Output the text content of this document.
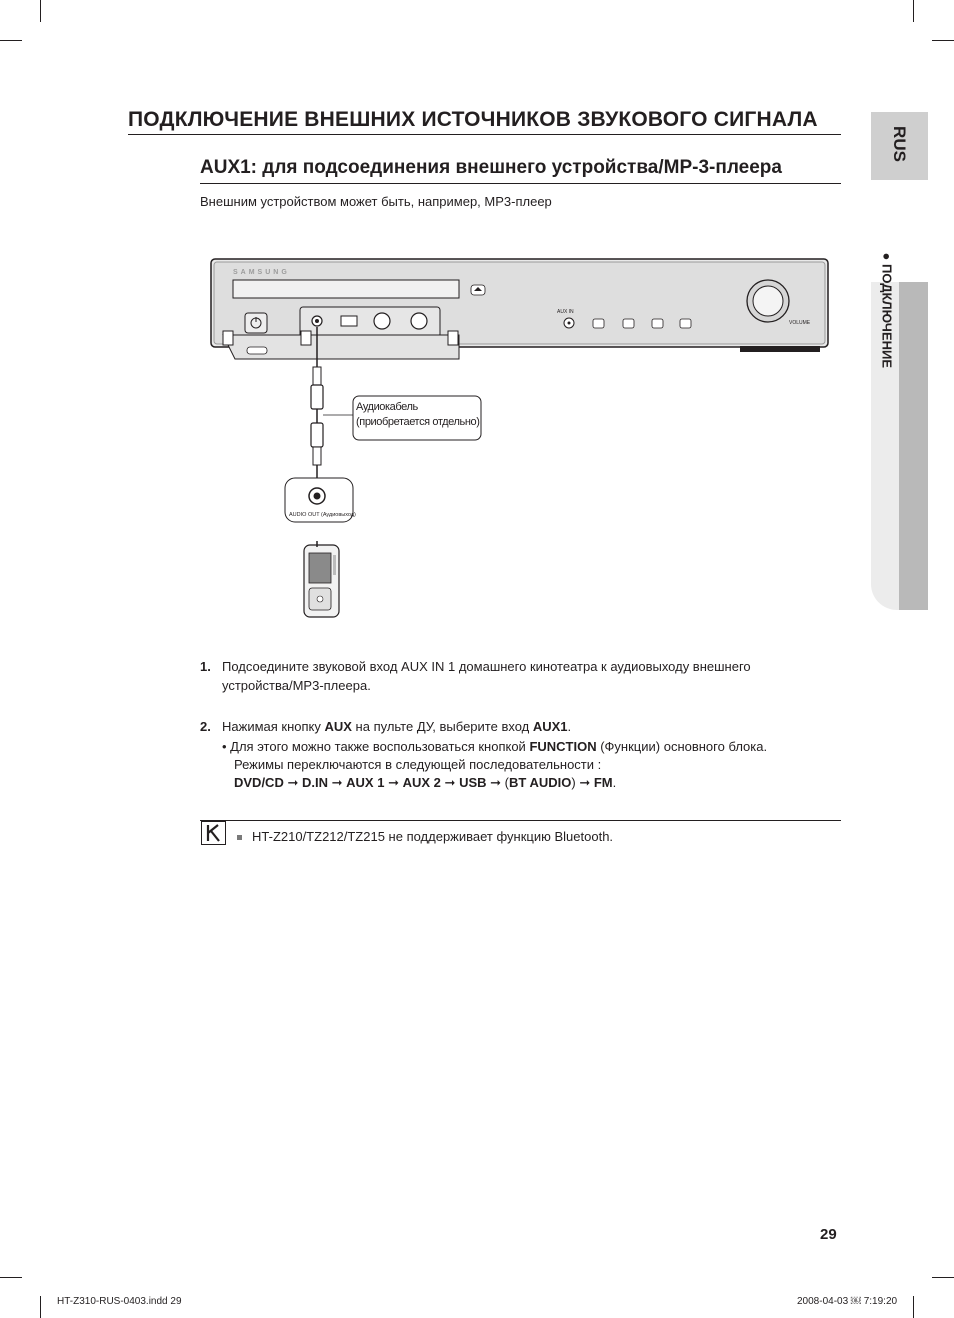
ПОДКЛЮЧЕНИЕ ВНЕШНИХ ИСТОЧНИКОВ ЗВУКОВОГО СИГНАЛА
AUX1: для подсоединения внешнего устройства/MP-3-плеера
Внешним устройством может быть, например, MP3-плеер
RUS
● ПОДКЛЮЧЕНИЕ
SAMSUNG
AUX IN
VOLUME
AUDIO OUT (Аудиовыход)
Аудиокабель
(приобретается отдельно)
1. Подсоедините звуковой вход AUX IN 1 домашнего кинотеатра к аудиовыходу внешнего устройства/MP3-плеера.
2. Нажимая кнопку AUX на пульте ДУ, выберите вход AUX1.
• Для этого можно также воспользоваться кнопкой FUNCTION (Функции) основного блока.
Режимы переключаются в следующей последовательности :
DVD/CD ➞ D.IN ➞ AUX 1 ➞ AUX 2 ➞ USB ➞ (BT AUDIO) ➞ FM.
HT-Z210/TZ212/TZ215 не поддерживает функцию Bluetooth.
29
HT-Z310-RUS-0403.indd 29	2008-04-03 ￼ 7:19:20
